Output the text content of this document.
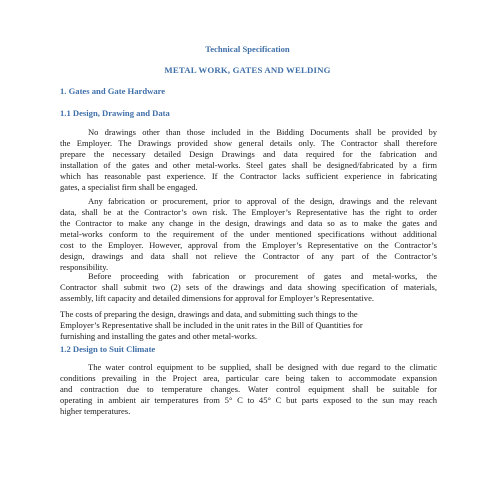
Technical Specification
METAL WORK, GATES AND WELDING
1. Gates and Gate Hardware
1.1 Design, Drawing and Data
No drawings other than those included in the Bidding Documents shall be provided by
the Employer. The Drawings provided show general details only. The Contractor shall therefore
prepare the necessary detailed Design Drawings and data required for the fabrication and
installation of the gates and other metal-works. Steel gates shall be designed/fabricated by a firm
which has reasonable past experience. If the Contractor lacks sufficient experience in fabricating
gates, a specialist firm shall be engaged.
Any fabrication or procurement, prior to approval of the design, drawings and the relevant
data, shall be at the Contractor’s own risk. The Employer’s Representative has the right to order
the Contractor to make any change in the design, drawings and data so as to make the gates and
metal-works conform to the requirement of the under mentioned specifications without additional
cost to the Employer. However, approval from the Employer’s Representative on the Contractor’s
design, drawings and data shall not relieve the Contractor of any part of the Contractor’s
responsibility.
Before proceeding with fabrication or procurement of gates and metal-works, the
Contractor shall submit two (2) sets of the drawings and data showing specification of materials,
assembly, lift capacity and detailed dimensions for approval for Employer’s Representative.
The costs of preparing the design, drawings and data, and submitting such things to the
Employer’s Representative shall be included in the unit rates in the Bill of Quantities for
furnishing and installing the gates and other metal-works.
1.2 Design to Suit Climate
The water control equipment to be supplied, shall be designed with due regard to the climatic
conditions prevailing in the Project area, particular care being taken to accommodate expansion
and contraction due to temperature changes. Water control equipment shall be suitable for
operating in ambient air temperatures from 5° C to 45° C but parts exposed to the sun may reach
higher temperatures.
